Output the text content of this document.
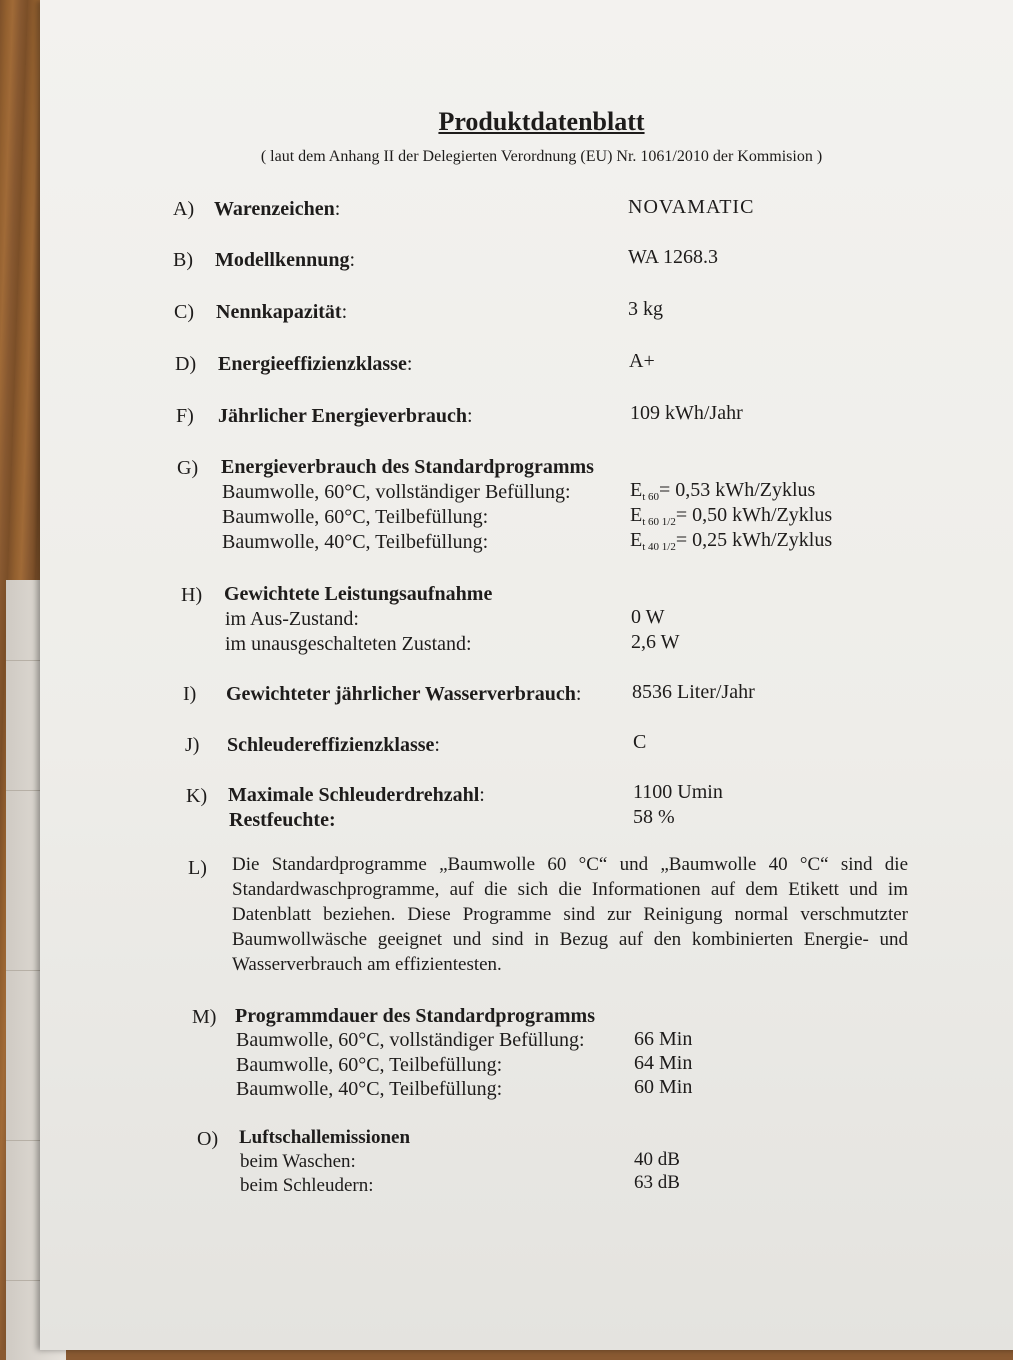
Produktdatenblatt
( laut dem Anhang II der Delegierten Verordnung (EU) Nr. 1061/2010 der Kommision )
A) Warenzeichen:	NOVAMATIC
B) Modellkennung:	WA 1268.3
C) Nennkapazität:	3 kg
D) Energieeffizienzklasse:	A+
F) Jährlicher Energieverbrauch:	109 kWh/Jahr
G) Energieverbrauch des Standardprogramms
Baumwolle, 60°C, vollständiger Befüllung:	$E_{t 60}= 0,53$ kWh/Zyklus
Baumwolle, 60°C, Teilbefüllung:	$E_{t 60 1/2}= 0,50$ kWh/Zyklus
Baumwolle, 40°C, Teilbefüllung:	$E_{t 40 1/2}= 0,25$ kWh/Zyklus
H) Gewichtete Leistungsaufnahme
im Aus-Zustand:	0 W
im unausgeschalteten Zustand:	2,6 W
I) Gewichteter jährlicher Wasserverbrauch:	8536 Liter/Jahr
J) Schleudereffizienzklasse:	C
K) Maximale Schleuderdrehzahl:	1100 Umin
Restfeuchte:	58 %
L) Die Standardprogramme „Baumwolle 60 °C“ und „Baumwolle 40 °C“ sind die Standardwaschprogramme, auf die sich die Informationen auf dem Etikett und im Datenblatt beziehen. Diese Programme sind zur Reinigung normal verschmutzter Baumwollwäsche geeignet und sind in Bezug auf den kombinierten Energie- und Wasserverbrauch am effizientesten.
M) Programmdauer des Standardprogramms
Baumwolle, 60°C, vollständiger Befüllung: 66 Min
Baumwolle, 60°C, Teilbefüllung:	64 Min
Baumwolle, 40°C, Teilbefüllung:	60 Min
O) Luftschallemissionen
beim Waschen:	40 dB
beim Schleudern:	63 dB
